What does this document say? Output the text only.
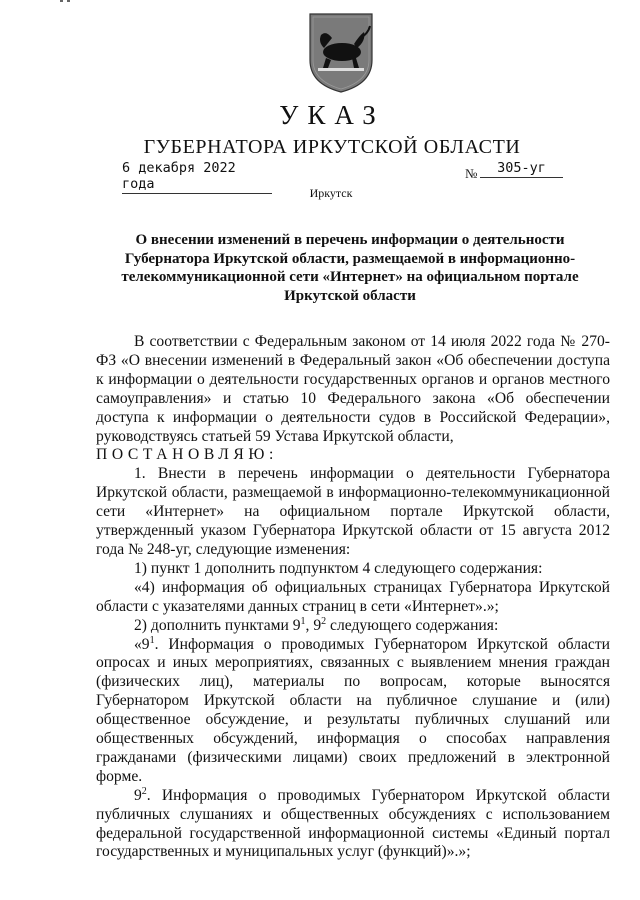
УКАЗ
ГУБЕРНАТОРА ИРКУТСКОЙ ОБЛАСТИ
6 декабря 2022 года
№	305-уг
Иркутск
О внесении изменений в перечень информации о деятельности
Губернатора Иркутской области, размещаемой в информационно-
телекоммуникационной сети «Интернет» на официальном портале
Иркутской области

В соответствии с Федеральным законом от 14 июля 2022 года № 270-ФЗ «О внесении изменений в Федеральный закон «Об обеспечении доступа к информации о деятельности государственных органов и органов местного самоуправления» и статью 10 Федерального закона «Об обеспечении доступа к информации о деятельности судов в Российской Федерации», руководствуясь статьей 59 Устава Иркутской области,

ПОСТАНОВЛЯЮ:

1. Внести в перечень информации о деятельности Губернатора Иркутской области, размещаемой в информационно-телекоммуникационной сети «Интернет» на официальном портале Иркутской области, утвержденный указом Губернатора Иркутской области от 15 августа 2012 года № 248-уг, следующие изменения:

1) пункт 1 дополнить подпунктом 4 следующего содержания:

«4) информация об официальных страницах Губернатора Иркутской области с указателями данных страниц в сети «Интернет».»;

2) дополнить пунктами $9^1$, $9^2$ следующего содержания:

«$9^1$. Информация о проводимых Губернатором Иркутской области опросах и иных мероприятиях, связанных с выявлением мнения граждан (физических лиц), материалы по вопросам, которые выносятся Губернатором Иркутской области на публичное слушание и (или) общественное обсуждение, и результаты публичных слушаний или общественных обсуждений, информация о способах направления гражданами (физическими лицами) своих предложений в электронной форме.

$9^2$. Информация о проводимых Губернатором Иркутской области публичных слушаниях и общественных обсуждениях с использованием федеральной государственной информационной системы «Единый портал государственных и муниципальных услуг (функций)».»;
